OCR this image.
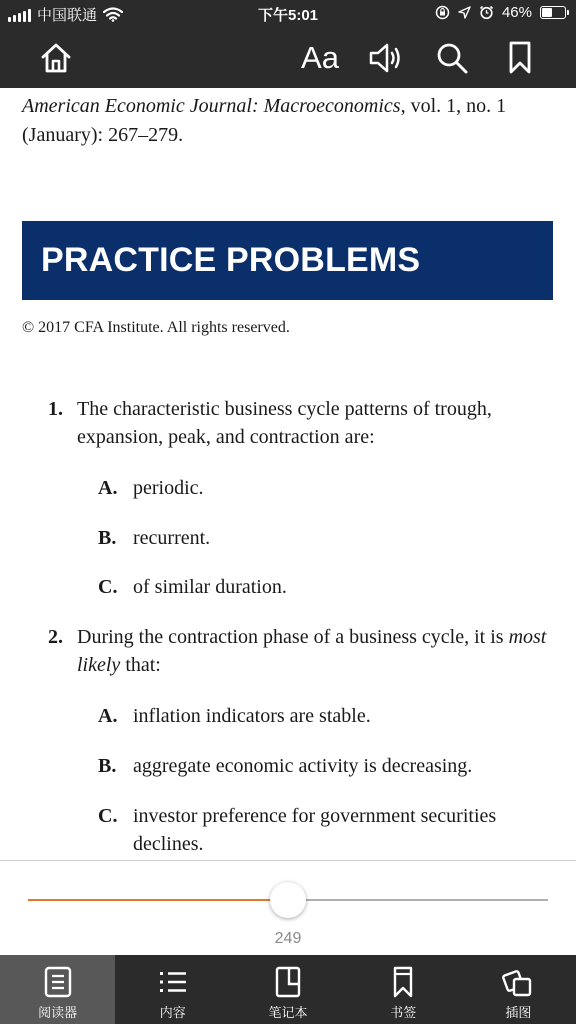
中国联通	下午5:01	46%
Aa
American Economic Journal: Macroeconomics, vol. 1, no. 1 (January): 267–279.
PRACTICE PROBLEMS
© 2017 CFA Institute. All rights reserved.
1. The characteristic business cycle patterns of trough, expansion, peak, and contraction are:
A. periodic.
B. recurrent.
C. of similar duration.
2. During the contraction phase of a business cycle, it is most likely that:
A. inflation indicators are stable.
B. aggregate economic activity is decreasing.
C. investor preference for government securities declines.
249
阅读器	内容	笔记本	书签	插图
